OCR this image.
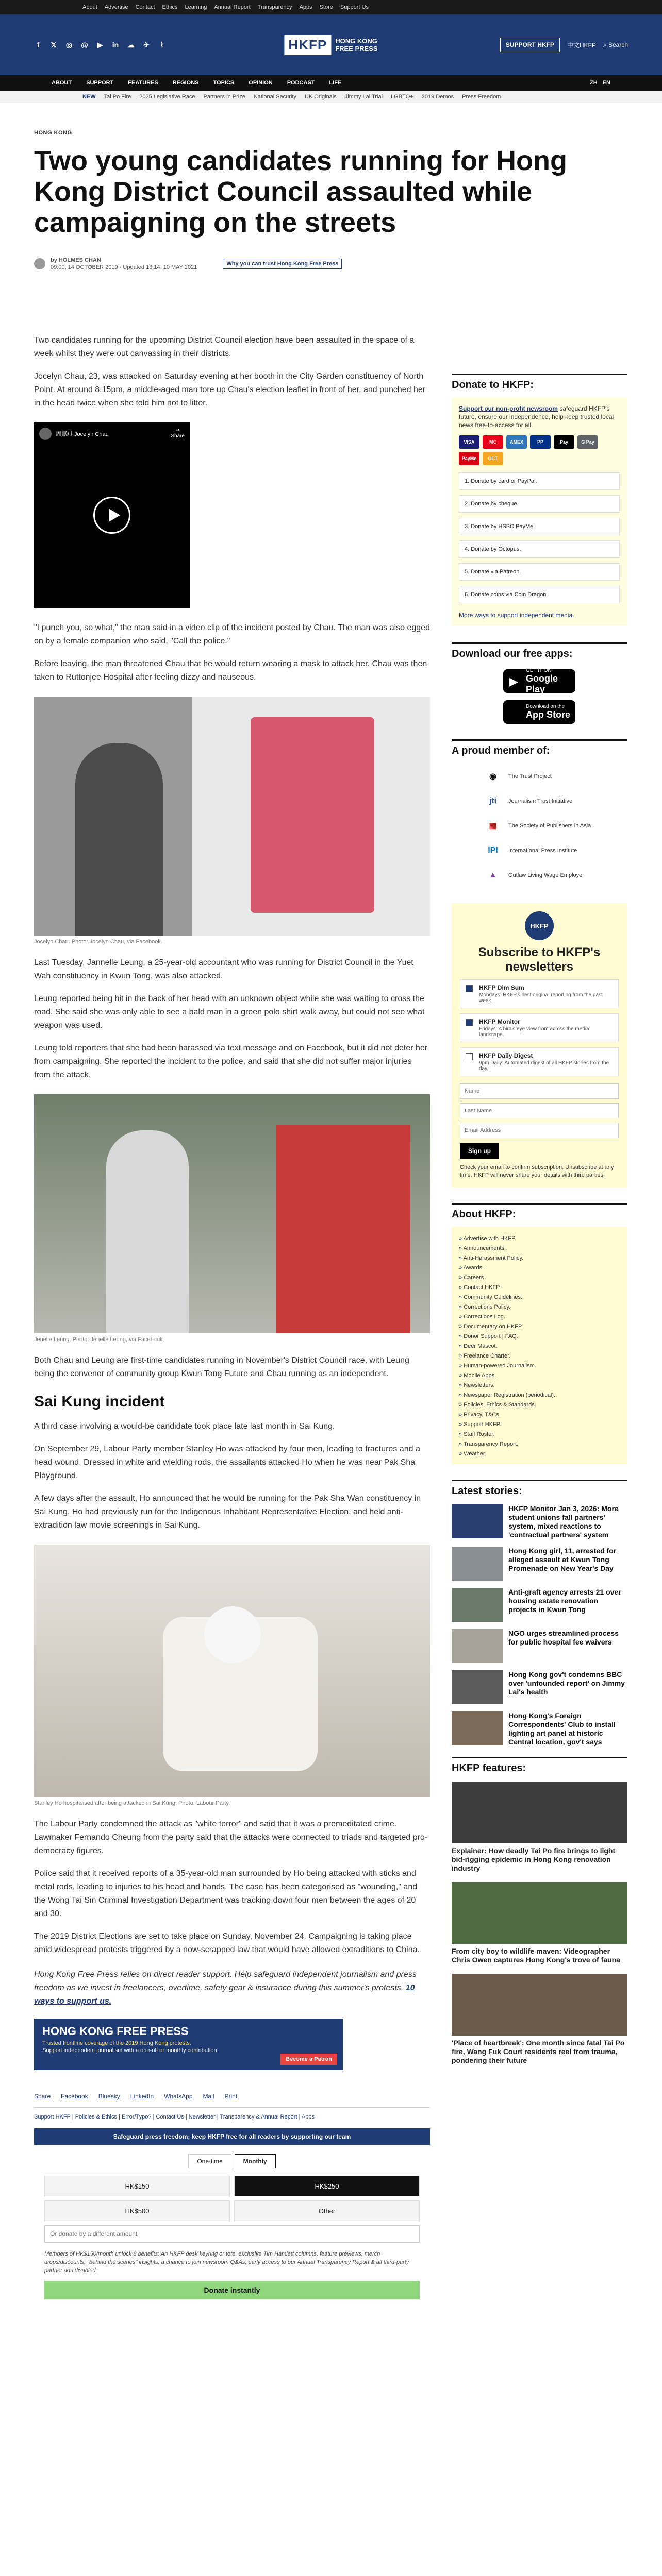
About Advertise Contact Ethics Learning Annual Report Transparency Apps Store Support Us
f	𝕏 ◎ @ ▶ in ☁ ✈	⌇	HKFP	HONG KONG
FREE PRESS	SUPPORT HKFP	中文HKFP ⌕ Search
ABOUT	SUPPORT	FEATURES	REGIONS	TOPICS	OPINION	PODCAST	LIFE	ZH EN
NEW Tai Po Fire 2025 Legislative Race Partners in Prize National Security UK Originals Jimmy Lai Trial LGBTQ+ 2019 Demos Press Freedom
HONG KONG
Two young candidates running for Hong Kong District Council assaulted while campaigning on the streets
by HOLMES CHAN
09:00, 14 OCTOBER 2019 · Updated 13:14, 10 MAY 2021
Why you can trust Hong Kong Free Press

Two candidates running for the upcoming District Council election have been assaulted in the space of a week whilst they were out canvassing in their districts.

Jocelyn Chau, 23, was attacked on Saturday evening at her booth in the City Garden constituency of North Point. At around 8:15pm, a middle-aged man tore up Chau's election leaflet in front of her, and punched her in the head twice when she told him not to litter.

周嘉琪 Jocelyn Chau
↪
Share

"I punch you, so what," the man said in a video clip of the incident posted by Chau. The man was also egged on by a female companion who said, "Call the police."

Before leaving, the man threatened Chau that he would return wearing a mask to attack her. Chau was then taken to Ruttonjee Hospital after feeling dizzy and nauseous.

Jocelyn Chau. Photo: Jocelyn Chau, via Facebook.

Last Tuesday, Jannelle Leung, a 25-year-old accountant who was running for District Council in the Yuet Wah constituency in Kwun Tong, was also attacked.

Leung reported being hit in the back of her head with an unknown object while she was waiting to cross the road. She said she was only able to see a bald man in a green polo shirt walk away, but could not see what weapon was used.

Leung told reporters that she had been harassed via text message and on Facebook, but it did not deter her from campaigning. She reported the incident to the police, and said that she did not suffer major injuries from the attack.

Jenelle Leung. Photo: Jenelle Leung, via Facebook.

Both Chau and Leung are first-time candidates running in November's District Council race, with Leung being the convenor of community group Kwun Tong Future and Chau running as an independent.

Sai Kung incident

A third case involving a would-be candidate took place late last month in Sai Kung.

On September 29, Labour Party member Stanley Ho was attacked by four men, leading to fractures and a head wound. Dressed in white and wielding rods, the assailants attacked Ho when he was near Pak Sha Playground.

A few days after the assault, Ho announced that he would be running for the Pak Sha Wan constituency in Sai Kung. Ho had previously run for the Indigenous Inhabitant Representative Election, and held anti-extradition law movie screenings in Sai Kung.

Stanley Ho hospitalised after being attacked in Sai Kung. Photo: Labour Party.

The Labour Party condemned the attack as "white terror" and said that it was a premeditated crime. Lawmaker Fernando Cheung from the party said that the attacks were connected to triads and targeted pro-democracy figures.

Police said that it received reports of a 35-year-old man surrounded by Ho being attacked with sticks and metal rods, leading to injuries to his head and hands. The case has been categorised as "wounding," and the Wong Tai Sin Criminal Investigation Department was tracking down four men between the ages of 20 and 30.

The 2019 District Elections are set to take place on Sunday, November 24. Campaigning is taking place amid widespread protests triggered by a now-scrapped law that would have allowed extraditions to China.

Hong Kong Free Press relies on direct reader support. Help safeguard independent journalism and press freedom as we invest in freelancers, overtime, safety gear & insurance during this summer's protests. 10 ways to support us.

HONG KONG FREE PRESS
Trusted frontline coverage of the 2019 Hong Kong protests.
Support independent journalism with a one-off or monthly contribution
Become a Patron
Share Facebook Bluesky LinkedIn WhatsApp Mail Print
Support HKFP | Policies & Ethics | Error/Typo? | Contact Us | Newsletter | Transparency & Annual Report | Apps
Safeguard press freedom; keep HKFP free for all readers by supporting our team
One-time	Monthly
HK$150	HK$250
HK$500	Other
Or donate by a different amount

Members of HK$150/month unlock 8 benefits: An HKFP desk keyring or tote, exclusive Tim Hamlett columns, feature previews, merch drops/discounts, "behind the scenes" insights, a chance to join newsroom Q&As, early access to our Annual Transparency Report & all third-party partner ads disabled.

Donate instantly
Donate to HKFP:
Support our non-profit newsroom safeguard HKFP's future, ensure our independence, help keep trusted local news free-to-access for all.
VISA	MC	AMEX	PP	Pay	G Pay
PayMe	OCT
1. Donate by card or PayPal.
2. Donate by cheque.
3. Donate by HSBC PayMe.
4. Donate by Octopus.
5. Donate via Patreon.
6. Donate coins via Coin Dragon.
More ways to support independent media.
Download our free apps:
▶
GET IT ON
Google Play
Download on the
App Store
A proud member of:
◉	The Trust Project
jti	Journalism Trust Initiative
▦	The Society of Publishers in Asia
IPI	International Press Institute
▲	Outlaw Living Wage Employer
HKFP
Subscribe to HKFP's newsletters
HKFP Dim Sum
Mondays: HKFP's best original reporting from the past week.
HKFP Monitor
Fridays: A bird's eye view from across the media landscape.
HKFP Daily Digest
9pm Daily: Automated digest of all HKFP stories from the day.
Name Last Name Email Address Sign up

Check your email to confirm subscription. Unsubscribe at any time. HKFP will never share your details with third parties.

About HKFP:
» Advertise with HKFP.
» Announcements.
» Anti-Harassment Policy.
» Awards.
» Careers.
» Contact HKFP.
» Community Guidelines.
» Corrections Policy.
» Corrections Log.
» Documentary on HKFP.
» Donor Support | FAQ.
» Deer Mascot.
» Freelance Charter.
» Human-powered Journalism.
» Mobile Apps.
» Newsletters.
» Newspaper Registration (periodical).
» Policies, Ethics & Standards.
» Privacy, T&Cs.
» Support HKFP.
» Staff Roster.
» Transparency Report.
» Weather.
Latest stories:
HKFP Monitor Jan 3, 2026: More student unions fall partners' system, mixed reactions to 'contractual partners' system
Hong Kong girl, 11, arrested for alleged assault at Kwun Tong Promenade on New Year's Day
Anti-graft agency arrests 21 over housing estate renovation projects in Kwun Tong
NGO urges streamlined process for public hospital fee waivers
Hong Kong gov't condemns BBC over 'unfounded report' on Jimmy Lai's health
Hong Kong's Foreign Correspondents' Club to install lighting art panel at historic Central location, gov't says
HKFP features:
Explainer: How deadly Tai Po fire brings to light bid-rigging epidemic in Hong Kong renovation industry
From city boy to wildlife maven: Videographer Chris Owen captures Hong Kong's trove of fauna
'Place of heartbreak': One month since fatal Tai Po fire, Wang Fuk Court residents reel from trauma, pondering their future
